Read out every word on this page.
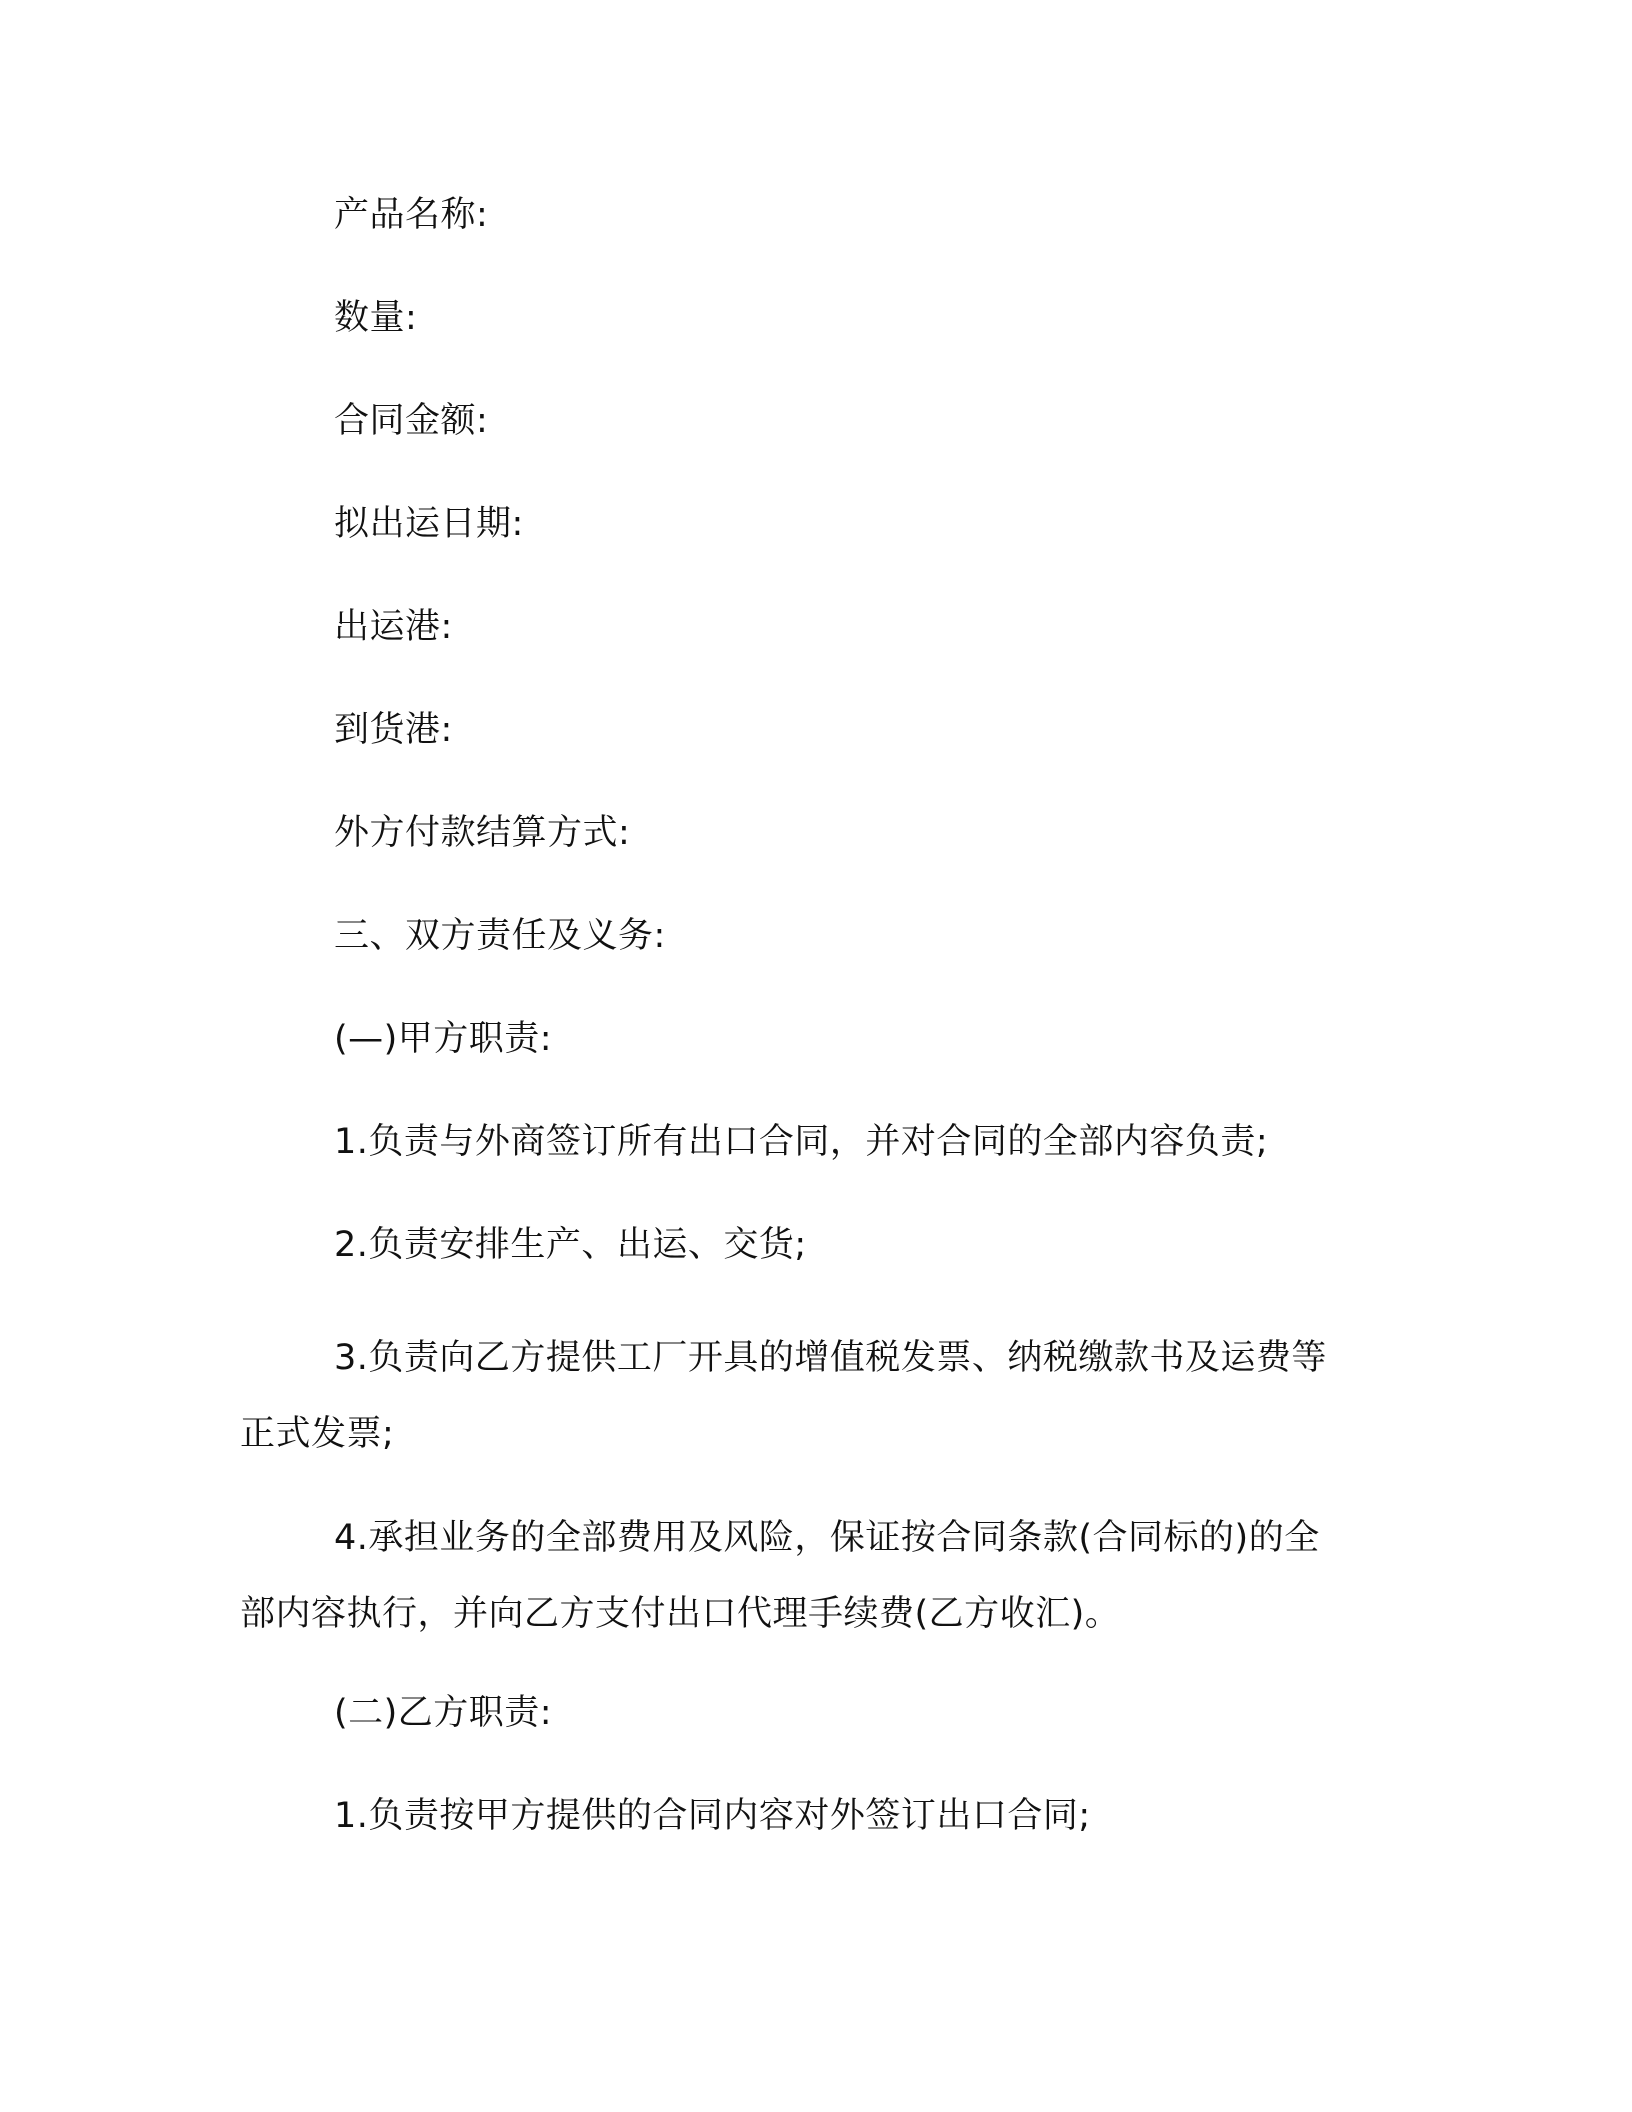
产品名称:
数量:
合同金额:
拟出运日期:
出运港:
到货港:
外方付款结算方式:
三、双方责任及义务:
(—)甲方职责:
1.负责与外商签订所有出口合同，并对合同的全部内容负责;
2.负责安排生产、出运、交货;
3.负责向乙方提供工厂开具的增值税发票、纳税缴款书及运费等
正式发票;
4.承担业务的全部费用及风险，保证按合同条款(合同标的)的全
部内容执行，并向乙方支付出口代理手续费(乙方收汇)。
(二)乙方职责:
1.负责按甲方提供的合同内容对外签订出口合同;
